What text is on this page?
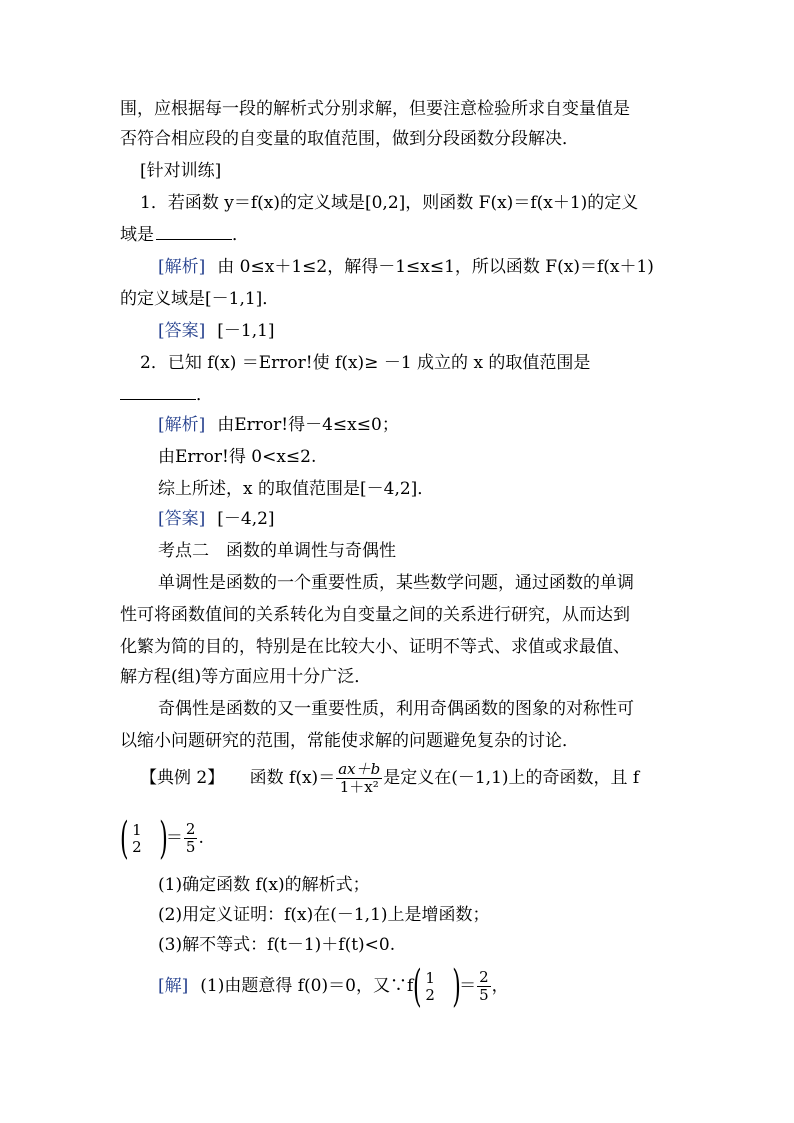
围，应根据每一段的解析式分别求解，但要注意检验所求自变量值是
否符合相应段的自变量的取值范围，做到分段函数分段解决．
[针对训练]
1．若函数 y＝f(x)的定义域是[0,2]，则函数 F(x)＝f(x＋1)的定义
域是	．
[解析] 由 0≤x＋1≤2，解得－1≤x≤1，所以函数 F(x)＝f(x＋1)
的定义域是[－1,1]．
[答案] [－1,1]
2．已知 f(x) ＝Error!使 f(x)≥ －1 成立的 x 的取值范围是
．
[解析] 由Error!得－4≤x≤0；
由Error!得 0<x≤2.
综上所述，x 的取值范围是[－4,2]．
[答案] [－4,2]
考点二　函数的单调性与奇偶性
单调性是函数的一个重要性质，某些数学问题，通过函数的单调
性可将函数值间的关系转化为自变量之间的关系进行研究，从而达到
化繁为简的目的，特别是在比较大小、证明不等式、求值或求最值、
解方程(组)等方面应用十分广泛．
奇偶性是函数的又一重要性质，利用奇偶函数的图象的对称性可
以缩小问题研究的范围，常能使求解的问题避免复杂的讨论．
【典例 2】 函数 $f(x)= \frac{ax+b}{\text{1＋x²}}$ 是定义在(－1,1)上的奇函数，且 f
( 1
2 )＝ $\frac{2}{5}$ .
(1)确定函数 f(x)的解析式；
(2)用定义证明：f(x)在(－1,1)上是增函数；
(3)解不等式：f(t－1)＋f(t)<0.
[解] (1)由题意得 f(0)＝0，又∵f( 1
2 )＝ $\frac{2}{5}$ ，
